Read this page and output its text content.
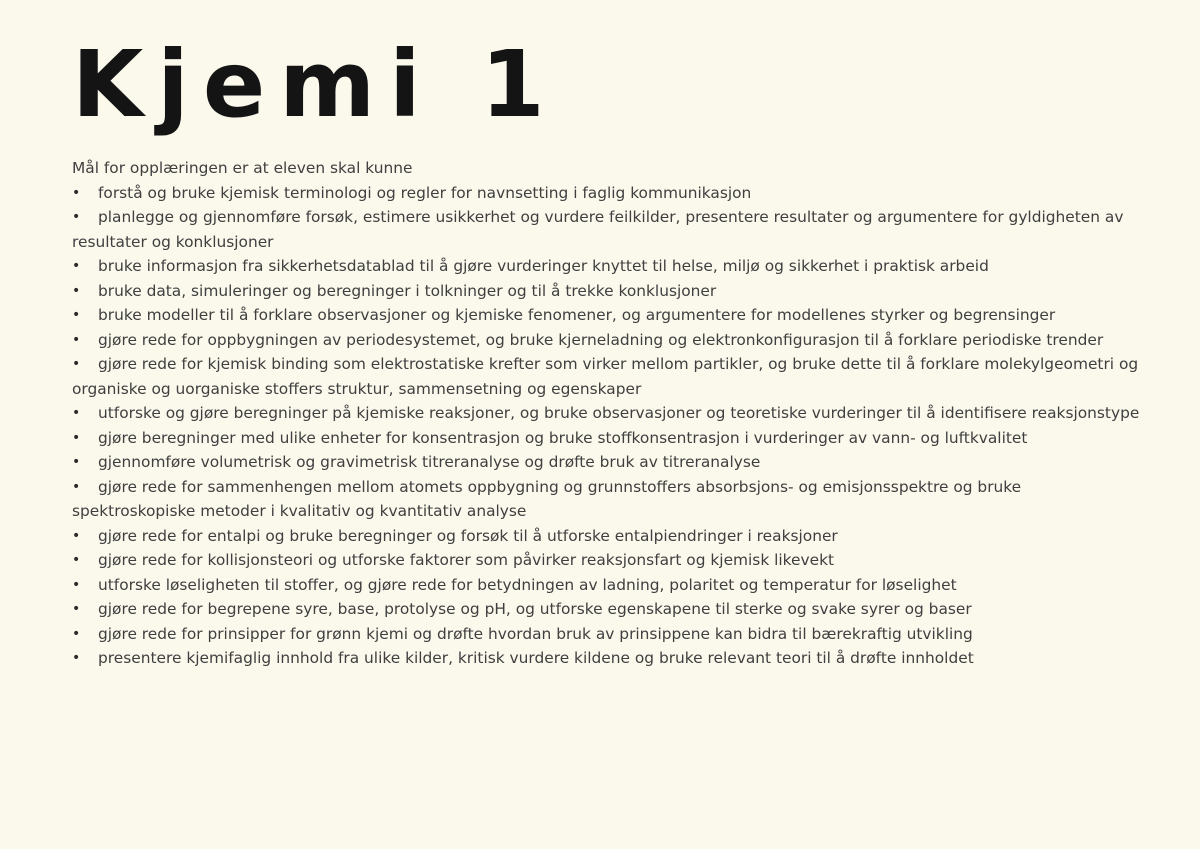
Kjemi 1

Mål for opplæringen er at eleven skal kunne

•	forstå og bruke kjemisk terminologi og regler for navnsetting i faglig kommunikasjon
•	planlegge og gjennomføre forsøk, estimere usikkerhet og vurdere feilkilder, presentere resultater og argumentere for gyldigheten av resultater og konklusjoner
•	bruke informasjon fra sikkerhetsdatablad til å gjøre vurderinger knyttet til helse, miljø og sikkerhet i praktisk arbeid
•	bruke data, simuleringer og beregninger i tolkninger og til å trekke konklusjoner
•	bruke modeller til å forklare observasjoner og kjemiske fenomener, og argumentere for modellenes styrker og begrensinger
•	gjøre rede for oppbygningen av periodesystemet, og bruke kjerneladning og elektronkonfigurasjon til å forklare periodiske trender
•	gjøre rede for kjemisk binding som elektrostatiske krefter som virker mellom partikler, og bruke dette til å forklare molekylgeometri og organiske og uorganiske stoffers struktur, sammensetning og egenskaper
•	utforske og gjøre beregninger på kjemiske reaksjoner, og bruke observasjoner og teoretiske vurderinger til å identifisere reaksjonstype
•	gjøre beregninger med ulike enheter for konsentrasjon og bruke stoffkonsentrasjon i vurderinger av vann- og luftkvalitet
•	gjennomføre volumetrisk og gravimetrisk titreranalyse og drøfte bruk av titreranalyse
•	gjøre rede for sammenhengen mellom atomets oppbygning og grunnstoffers absorbsjons- og emisjonsspektre og bruke spektroskopiske metoder i kvalitativ og kvantitativ analyse
•	gjøre rede for entalpi og bruke beregninger og forsøk til å utforske entalpiendringer i reaksjoner
•	gjøre rede for kollisjonsteori og utforske faktorer som påvirker reaksjonsfart og kjemisk likevekt
•	utforske løseligheten til stoffer, og gjøre rede for betydningen av ladning, polaritet og temperatur for løselighet
•	gjøre rede for begrepene syre, base, protolyse og pH, og utforske egenskapene til sterke og svake syrer og baser
•	gjøre rede for prinsipper for grønn kjemi og drøfte hvordan bruk av prinsippene kan bidra til bærekraftig utvikling
•	presentere kjemifaglig innhold fra ulike kilder, kritisk vurdere kildene og bruke relevant teori til å drøfte innholdet
